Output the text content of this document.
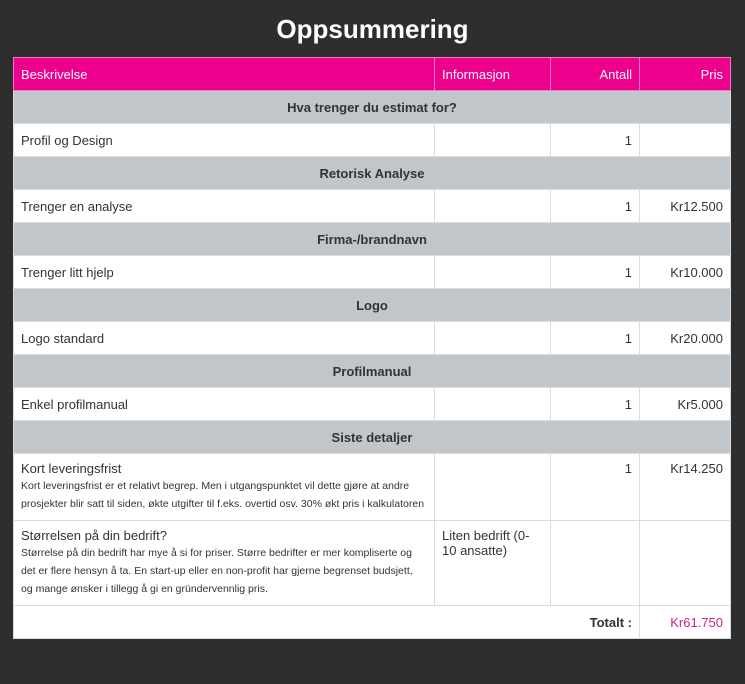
Oppsummering
Beskrivelse	Informasjon	Antall	Pris
Hva trenger du estimat for?			
Profil og Design		1	
Retorisk Analyse			
Trenger en analyse		1	Kr12.500
Firma-/brandnavn			
Trenger litt hjelp		1	Kr10.000
Logo			
Logo standard		1	Kr20.000
Profilmanual			
Enkel profilmanual		1	Kr5.000
Siste detaljer			

Kort leveringsfrist
Kort leveringsfrist er et relativt begrep. Men i utgangspunktet vil dette gjøre at andre prosjekter blir satt til siden, økte utgifter til f.eks. overtid osv. 30% økt pris i kalkulatoren		1	Kr14.250

Størrelsen på din bedrift?
Størrelse på din bedrift har mye å si for priser. Større bedrifter er mer kompliserte og det er flere hensyn å ta. En start-up eller en non-profit har gjerne begrenset budsjett, og mange ønsker i tillegg å gi en gründervennlig pris.	Liten bedrift (0-10 ansatte)		
Totalt :			Kr61.750
